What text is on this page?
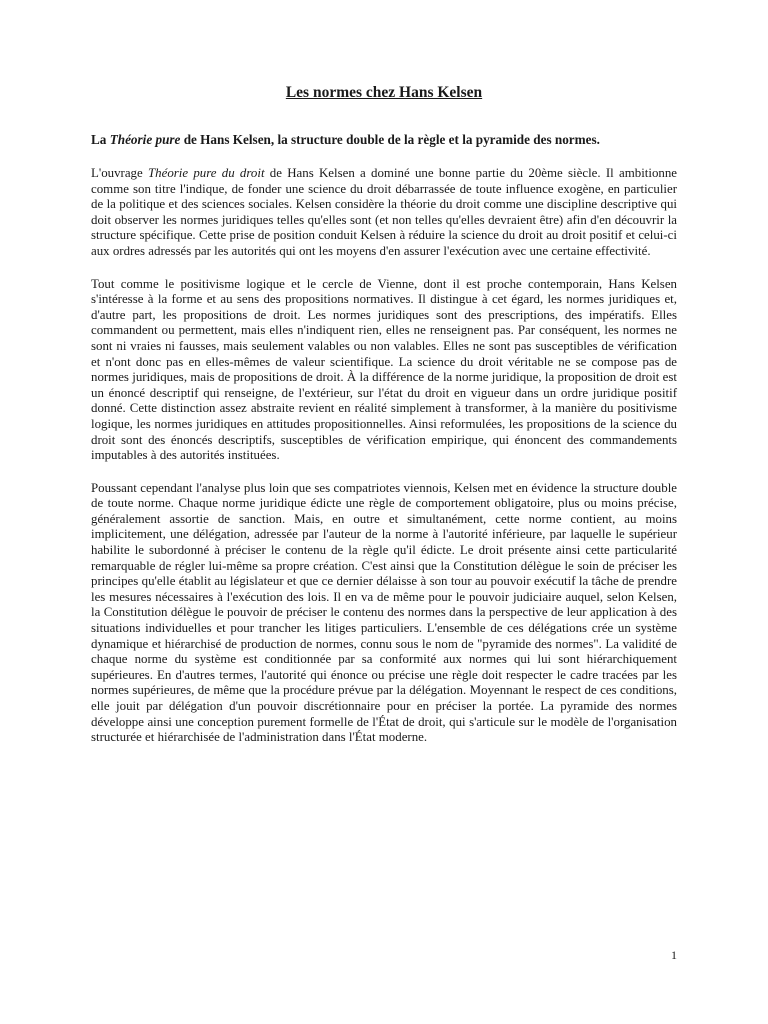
Les normes chez Hans Kelsen

La Théorie pure de Hans Kelsen, la structure double de la règle et la pyramide des normes.

L'ouvrage Théorie pure du droit de Hans Kelsen a dominé une bonne partie du 20ème siècle. Il ambitionne comme son titre l'indique, de fonder une science du droit débarrassée de toute influence exogène, en particulier de la politique et des sciences sociales. Kelsen considère la théorie du droit comme une discipline descriptive qui doit observer les normes juridiques telles qu'elles sont (et non telles qu'elles devraient être) afin d'en découvrir la structure spécifique. Cette prise de position conduit Kelsen à réduire la science du droit au droit positif et celui-ci aux ordres adressés par les autorités qui ont les moyens d'en assurer l'exécution avec une certaine effectivité.

Tout comme le positivisme logique et le cercle de Vienne, dont il est proche contemporain, Hans Kelsen s'intéresse à la forme et au sens des propositions normatives. Il distingue à cet égard, les normes juridiques et, d'autre part, les propositions de droit. Les normes juridiques sont des prescriptions, des impératifs. Elles commandent ou permettent, mais elles n'indiquent rien, elles ne renseignent pas. Par conséquent, les normes ne sont ni vraies ni fausses, mais seulement valables ou non valables. Elles ne sont pas susceptibles de vérification et n'ont donc pas en elles-mêmes de valeur scientifique. La science du droit véritable ne se compose pas de normes juridiques, mais de propositions de droit. À la différence de la norme juridique, la proposition de droit est un énoncé descriptif qui renseigne, de l'extérieur, sur l'état du droit en vigueur dans un ordre juridique positif donné. Cette distinction assez abstraite revient en réalité simplement à transformer, à la manière du positivisme logique, les normes juridiques en attitudes propositionnelles. Ainsi reformulées, les propositions de la science du droit sont des énoncés descriptifs, susceptibles de vérification empirique, qui énoncent des commandements imputables à des autorités instituées.

Poussant cependant l'analyse plus loin que ses compatriotes viennois, Kelsen met en évidence la structure double de toute norme. Chaque norme juridique édicte une règle de comportement obligatoire, plus ou moins précise, généralement assortie de sanction. Mais, en outre et simultanément, cette norme contient, au moins implicitement, une délégation, adressée par l'auteur de la norme à l'autorité inférieure, par laquelle le supérieur habilite le subordonné à préciser le contenu de la règle qu'il édicte. Le droit présente ainsi cette particularité remarquable de régler lui-même sa propre création. C'est ainsi que la Constitution délègue le soin de préciser les principes qu'elle établit au législateur et que ce dernier délaisse à son tour au pouvoir exécutif la tâche de prendre les mesures nécessaires à l'exécution des lois. Il en va de même pour le pouvoir judiciaire auquel, selon Kelsen, la Constitution délègue le pouvoir de préciser le contenu des normes dans la perspective de leur application à des situations individuelles et pour trancher les litiges particuliers. L'ensemble de ces délégations crée un système dynamique et hiérarchisé de production de normes, connu sous le nom de "pyramide des normes". La validité de chaque norme du système est conditionnée par sa conformité aux normes qui lui sont hiérarchiquement supérieures. En d'autres termes, l'autorité qui énonce ou précise une règle doit respecter le cadre tracées par les normes supérieures, de même que la procédure prévue par la délégation. Moyennant le respect de ces conditions, elle jouit par délégation d'un pouvoir discrétionnaire pour en préciser la portée. La pyramide des normes développe ainsi une conception purement formelle de l'État de droit, qui s'articule sur le modèle de l'organisation structurée et hiérarchisée de l'administration dans l'État moderne.

1
